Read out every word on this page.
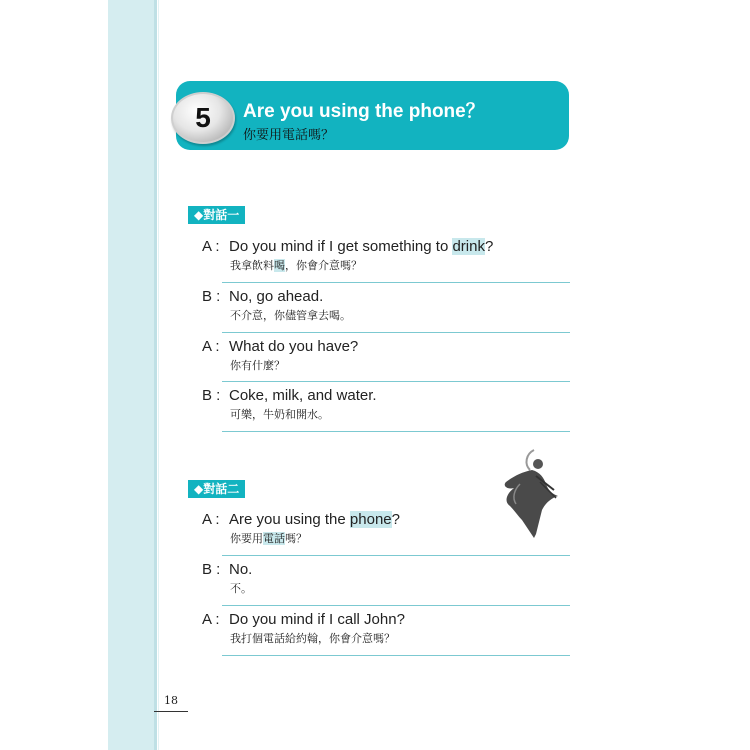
5 Are you using the phone？
你要用電話嗎？
◆對話一
A : Do you mind if I get something to drink?
我拿飲料喝，你會介意嗎？
B : No, go ahead.
不介意，你儘管拿去喝。
A : What do you have?
你有什麼？
B : Coke, milk, and water.
可樂，牛奶和開水。
◆對話二
A : Are you using the phone?
你要用電話嗎？
B : No.
不。
A : Do you mind if I call John?
我打個電話給約翰，你會介意嗎？
18
